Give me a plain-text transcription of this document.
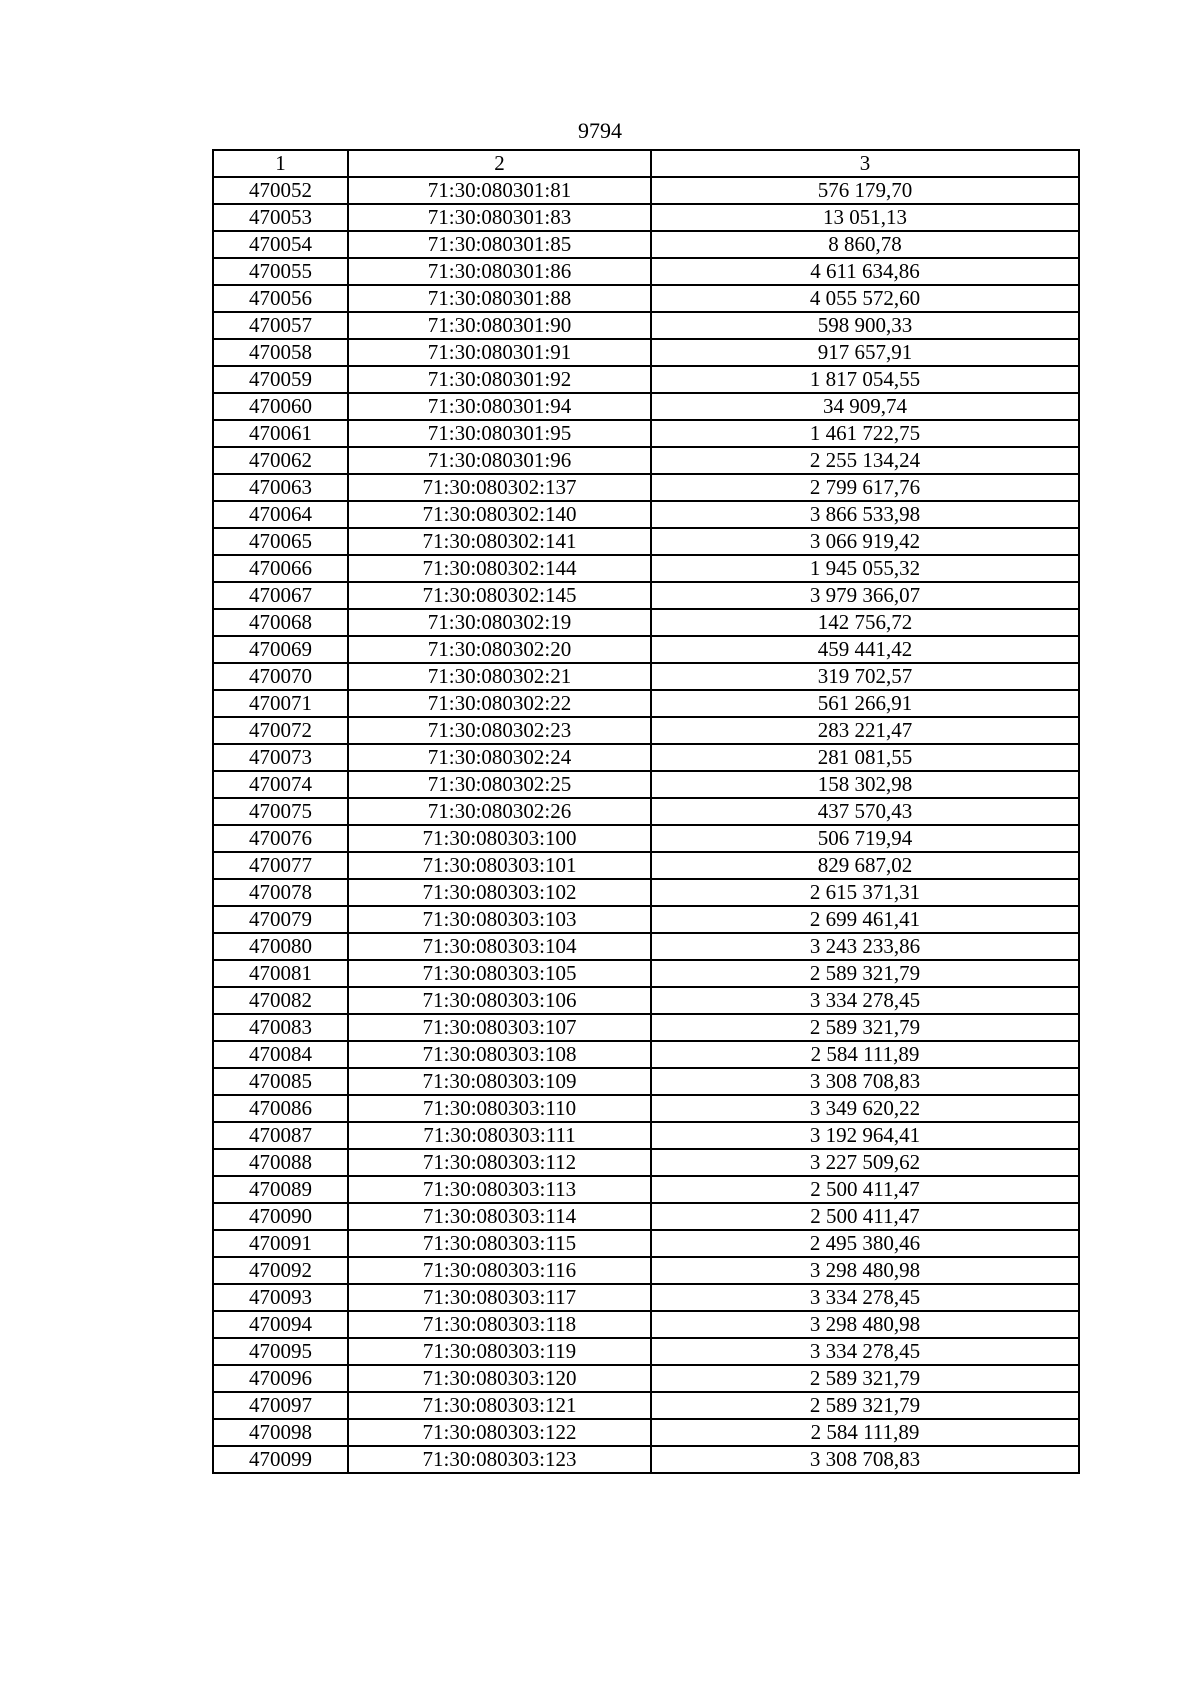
9794
1	2	3
470052	71:30:080301:81	576 179,70
470053	71:30:080301:83	13 051,13
470054	71:30:080301:85	8 860,78
470055	71:30:080301:86	4 611 634,86
470056	71:30:080301:88	4 055 572,60
470057	71:30:080301:90	598 900,33
470058	71:30:080301:91	917 657,91
470059	71:30:080301:92	1 817 054,55
470060	71:30:080301:94	34 909,74
470061	71:30:080301:95	1 461 722,75
470062	71:30:080301:96	2 255 134,24
470063	71:30:080302:137	2 799 617,76
470064	71:30:080302:140	3 866 533,98
470065	71:30:080302:141	3 066 919,42
470066	71:30:080302:144	1 945 055,32
470067	71:30:080302:145	3 979 366,07
470068	71:30:080302:19	142 756,72
470069	71:30:080302:20	459 441,42
470070	71:30:080302:21	319 702,57
470071	71:30:080302:22	561 266,91
470072	71:30:080302:23	283 221,47
470073	71:30:080302:24	281 081,55
470074	71:30:080302:25	158 302,98
470075	71:30:080302:26	437 570,43
470076	71:30:080303:100	506 719,94
470077	71:30:080303:101	829 687,02
470078	71:30:080303:102	2 615 371,31
470079	71:30:080303:103	2 699 461,41
470080	71:30:080303:104	3 243 233,86
470081	71:30:080303:105	2 589 321,79
470082	71:30:080303:106	3 334 278,45
470083	71:30:080303:107	2 589 321,79
470084	71:30:080303:108	2 584 111,89
470085	71:30:080303:109	3 308 708,83
470086	71:30:080303:110	3 349 620,22
470087	71:30:080303:111	3 192 964,41
470088	71:30:080303:112	3 227 509,62
470089	71:30:080303:113	2 500 411,47
470090	71:30:080303:114	2 500 411,47
470091	71:30:080303:115	2 495 380,46
470092	71:30:080303:116	3 298 480,98
470093	71:30:080303:117	3 334 278,45
470094	71:30:080303:118	3 298 480,98
470095	71:30:080303:119	3 334 278,45
470096	71:30:080303:120	2 589 321,79
470097	71:30:080303:121	2 589 321,79
470098	71:30:080303:122	2 584 111,89
470099	71:30:080303:123	3 308 708,83
